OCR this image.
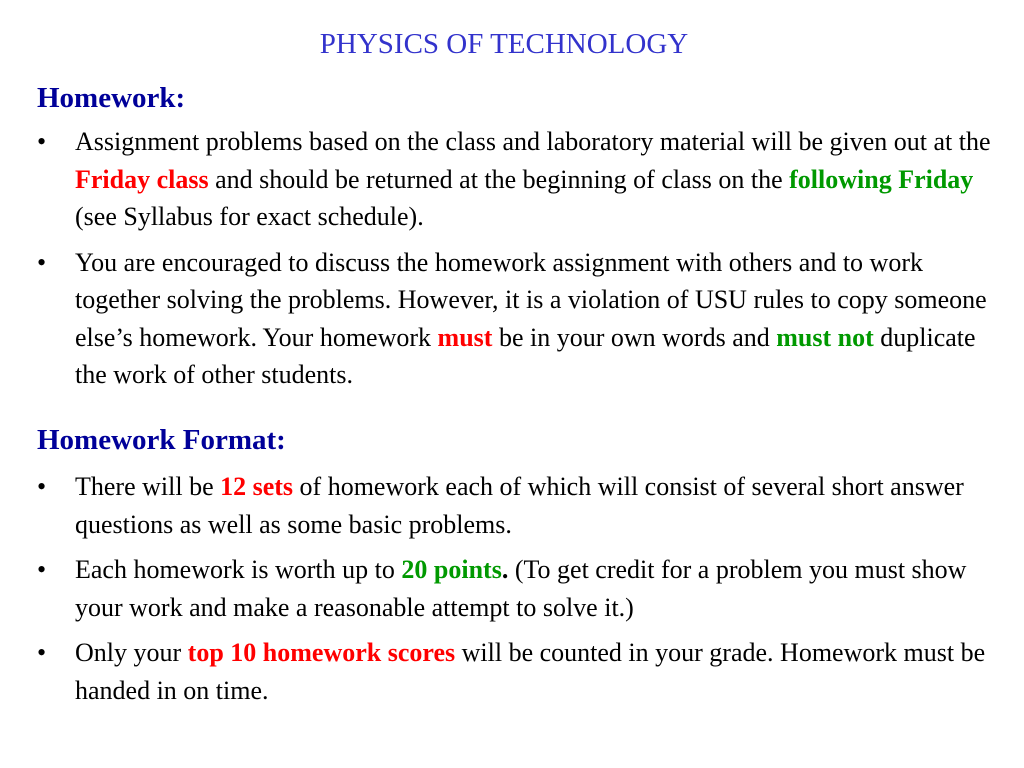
PHYSICS OF TECHNOLOGY
Homework:
• Assignment problems based on the class and laboratory material will be given out at the Friday class and should be returned at the beginning of class on the following Friday (see Syllabus for exact schedule).
• You are encouraged to discuss the homework assignment with others and to work together solving the problems. However, it is a violation of USU rules to copy someone else’s homework. Your homework must be in your own words and must not duplicate the work of other students.
Homework Format:
• There will be 12 sets of homework each of which will consist of several short answer questions as well as some basic problems.
• Each homework is worth up to 20 points. (To get credit for a problem you must show your work and make a reasonable attempt to solve it.)
• Only your top 10 homework scores will be counted in your grade. Homework must be handed in on time.
